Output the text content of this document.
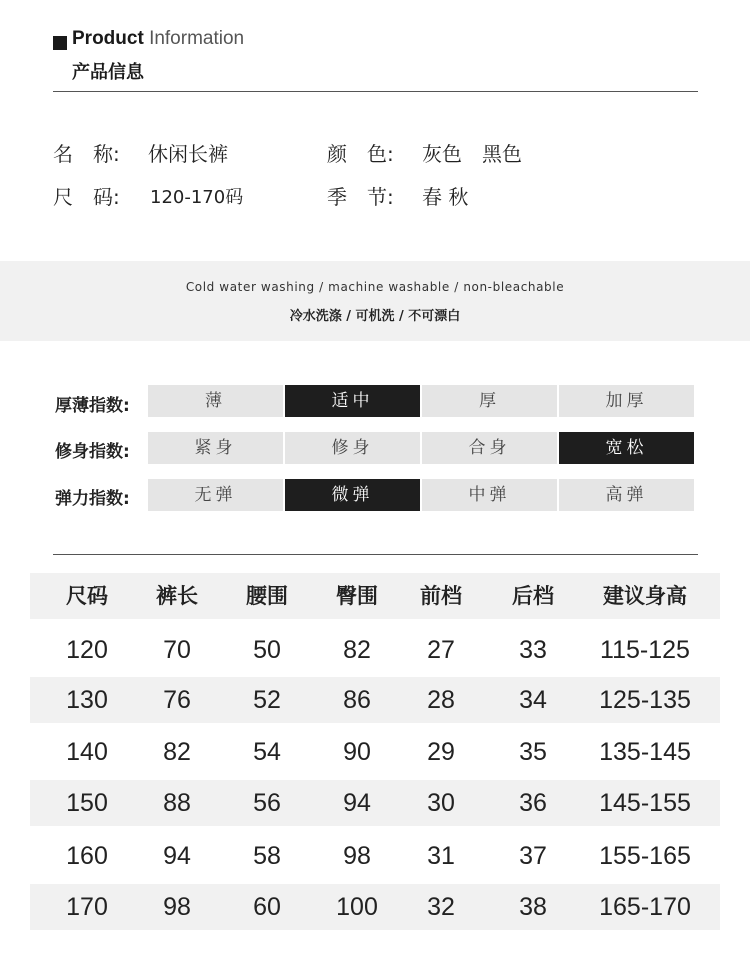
Product Information
产品信息
名　称: 休闲长裤	颜　色: 灰色　黑色
尺　码: 120-170码	季　节: 春 秋
Cold water washing / machine washable / non-bleachable
冷水洗涤 / 可机洗 / 不可漂白
厚薄指数:	薄	适中	厚	加厚
修身指数:	紧身	修身	合身	宽松
弹力指数:	无弹	微弹	中弹	高弹
尺码	裤长	腰围	臀围	前档	后档	建议身高
120	70	50	82	27	33	115-125
130	76	52	86	28	34	125-135
140	82	54	90	29	35	135-145
150	88	56	94	30	36	145-155
160	94	58	98	31	37	155-165
170	98	60	100	32	38	165-170
